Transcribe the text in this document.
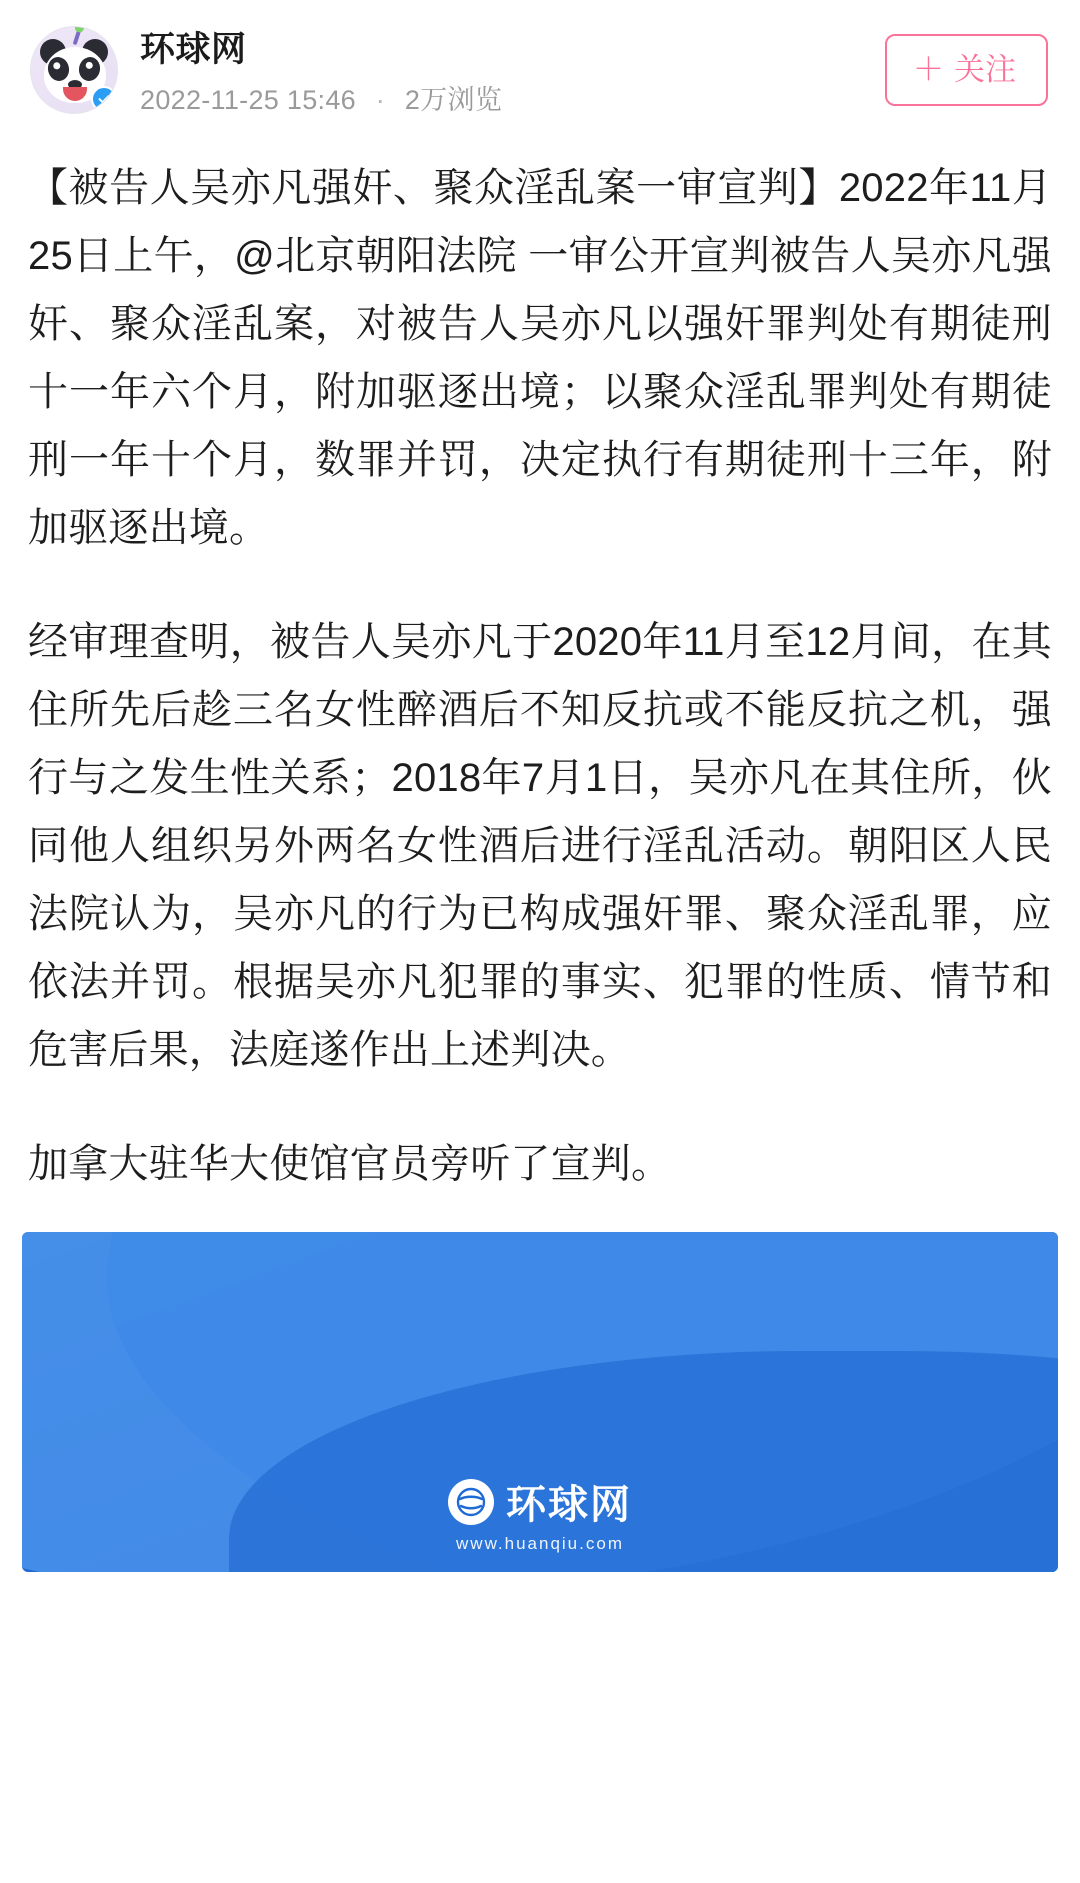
环球网
2022-11-25 15:46 · 2万浏览
＋ 关注

【被告人吴亦凡强奸、聚众淫乱案一审宣判】2022年11月25日上午，@北京朝阳法院 一审公开宣判被告人吴亦凡强奸、聚众淫乱案，对被告人吴亦凡以强奸罪判处有期徒刑十一年六个月，附加驱逐出境；以聚众淫乱罪判处有期徒刑一年十个月，数罪并罚，决定执行有期徒刑十三年，附加驱逐出境。

经审理查明，被告人吴亦凡于2020年11月至12月间，在其住所先后趁三名女性醉酒后不知反抗或不能反抗之机，强行与之发生性关系；2018年7月1日，吴亦凡在其住所，伙同他人组织另外两名女性酒后进行淫乱活动。朝阳区人民法院认为，吴亦凡的行为已构成强奸罪、聚众淫乱罪，应依法并罚。根据吴亦凡犯罪的事实、犯罪的性质、情节和危害后果，法庭遂作出上述判决。

加拿大驻华大使馆官员旁听了宣判。

环球网
www.huanqiu.com
